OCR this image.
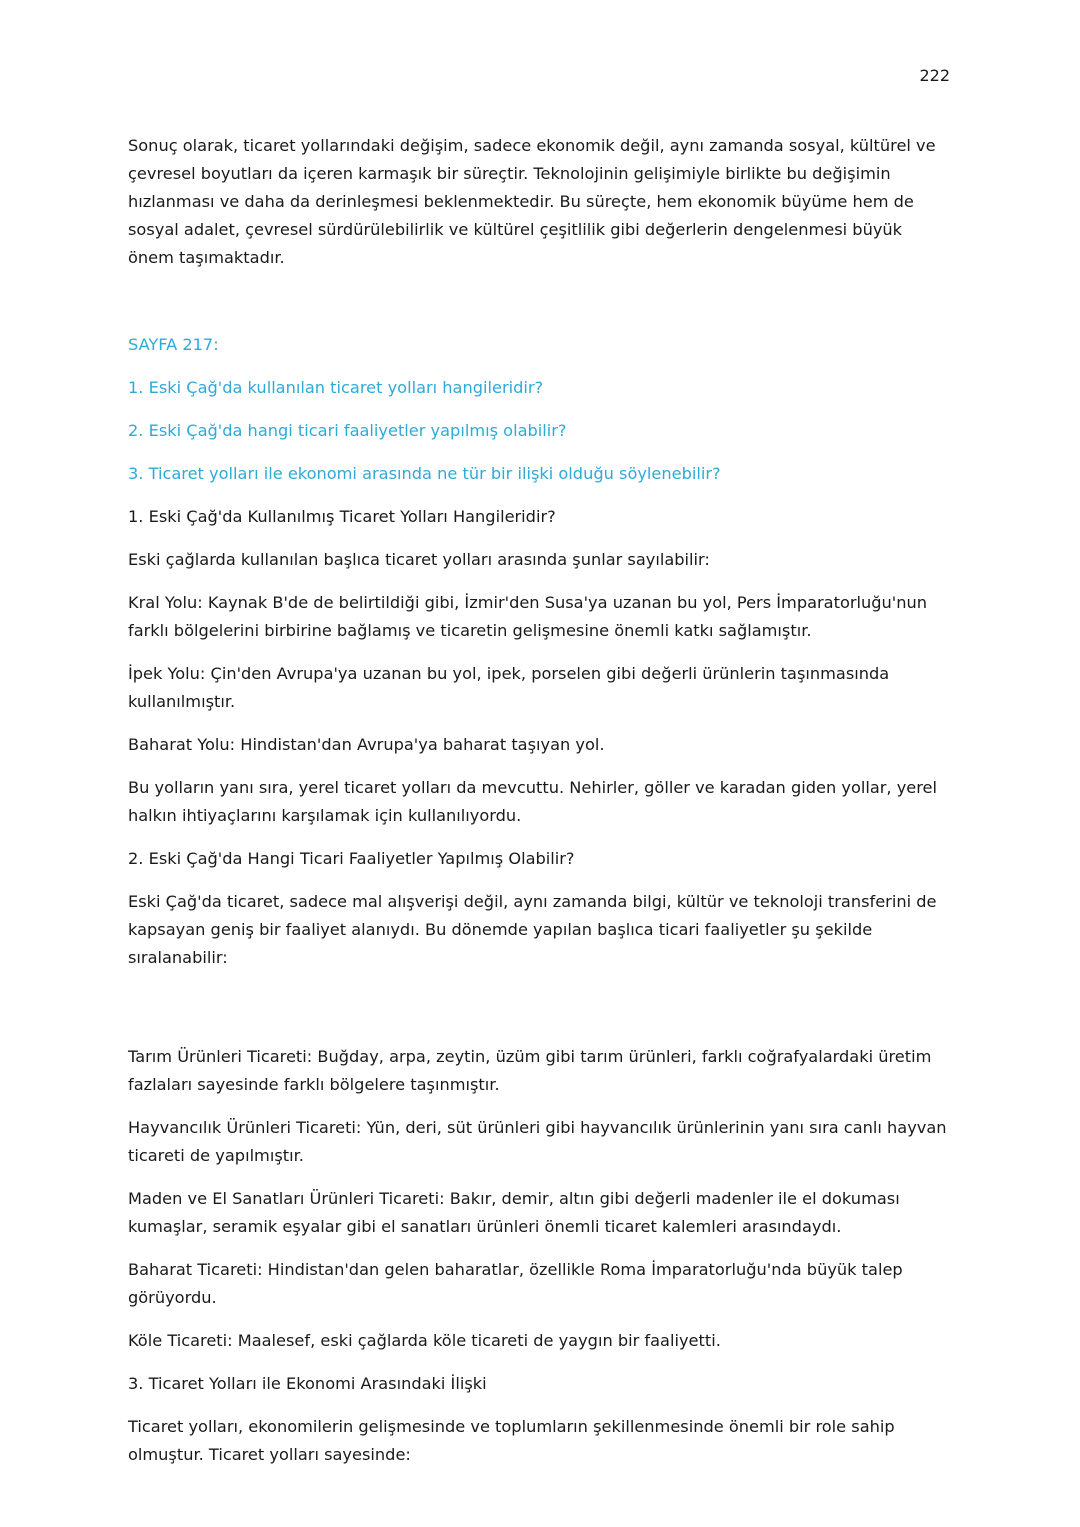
222

Sonuç olarak, ticaret yollarındaki değişim, sadece ekonomik değil, aynı zamanda sosyal, kültürel ve çevresel boyutları da içeren karmaşık bir süreçtir. Teknolojinin gelişimiyle birlikte bu değişimin hızlanması ve daha da derinleşmesi beklenmektedir. Bu süreçte, hem ekonomik büyüme hem de sosyal adalet, çevresel sürdürülebilirlik ve kültürel çeşitlilik gibi değerlerin dengelenmesi büyük önem taşımaktadır.

SAYFA 217:

1. Eski Çağ'da kullanılan ticaret yolları hangileridir?

2. Eski Çağ'da hangi ticari faaliyetler yapılmış olabilir?

3. Ticaret yolları ile ekonomi arasında ne tür bir ilişki olduğu söylenebilir?

1. Eski Çağ'da Kullanılmış Ticaret Yolları Hangileridir?

Eski çağlarda kullanılan başlıca ticaret yolları arasında şunlar sayılabilir:

Kral Yolu: Kaynak B'de de belirtildiği gibi, İzmir'den Susa'ya uzanan bu yol, Pers İmparatorluğu'nun farklı bölgelerini birbirine bağlamış ve ticaretin gelişmesine önemli katkı sağlamıştır.

İpek Yolu: Çin'den Avrupa'ya uzanan bu yol, ipek, porselen gibi değerli ürünlerin taşınmasında kullanılmıştır.

Baharat Yolu: Hindistan'dan Avrupa'ya baharat taşıyan yol.

Bu yolların yanı sıra, yerel ticaret yolları da mevcuttu. Nehirler, göller ve karadan giden yollar, yerel halkın ihtiyaçlarını karşılamak için kullanılıyordu.

2. Eski Çağ'da Hangi Ticari Faaliyetler Yapılmış Olabilir?

Eski Çağ'da ticaret, sadece mal alışverişi değil, aynı zamanda bilgi, kültür ve teknoloji transferini de kapsayan geniş bir faaliyet alanıydı. Bu dönemde yapılan başlıca ticari faaliyetler şu şekilde sıralanabilir:

Tarım Ürünleri Ticareti: Buğday, arpa, zeytin, üzüm gibi tarım ürünleri, farklı coğrafyalardaki üretim fazlaları sayesinde farklı bölgelere taşınmıştır.

Hayvancılık Ürünleri Ticareti: Yün, deri, süt ürünleri gibi hayvancılık ürünlerinin yanı sıra canlı hayvan ticareti de yapılmıştır.

Maden ve El Sanatları Ürünleri Ticareti: Bakır, demir, altın gibi değerli madenler ile el dokuması kumaşlar, seramik eşyalar gibi el sanatları ürünleri önemli ticaret kalemleri arasındaydı.

Baharat Ticareti: Hindistan'dan gelen baharatlar, özellikle Roma İmparatorluğu'nda büyük talep görüyordu.

Köle Ticareti: Maalesef, eski çağlarda köle ticareti de yaygın bir faaliyetti.

3. Ticaret Yolları ile Ekonomi Arasındaki İlişki

Ticaret yolları, ekonomilerin gelişmesinde ve toplumların şekillenmesinde önemli bir role sahip olmuştur. Ticaret yolları sayesinde:
